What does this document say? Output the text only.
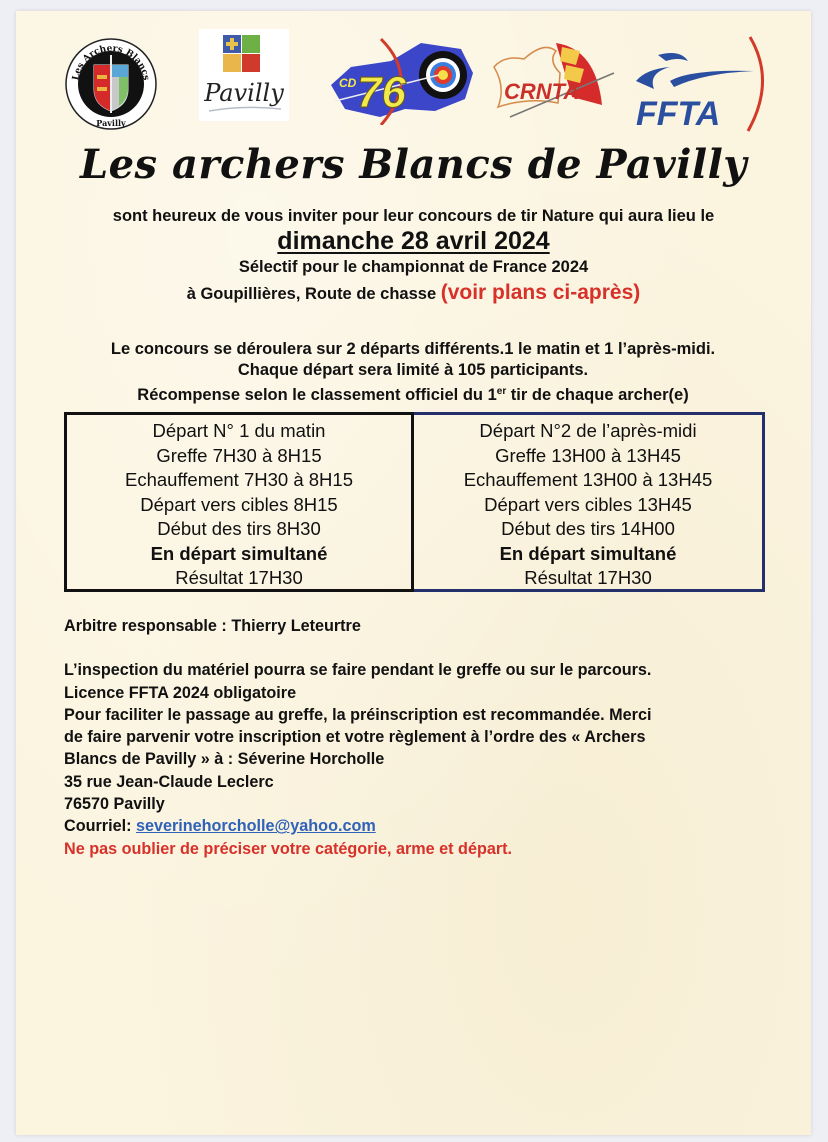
Les Archers Blancs
Pavilly
Pavilly	CD 76	CRNTA
FFTA
Les archers Blancs de Pavilly
sont heureux de vous inviter pour leur concours de tir Nature qui aura lieu le
dimanche 28 avril 2024
Sélectif pour le championnat de France 2024
à Goupillières, Route de chasse (voir plans ci-après)
Le concours se déroulera sur 2 départs différents.1 le matin et 1 l’après-midi. Chaque départ sera limité à 105 participants.
Récompense selon le classement officiel du 1er tir de chaque archer(e)
Départ N° 1 du matin
Greffe 7H30 à 8H15
Echauffement 7H30 à 8H15
Départ vers cibles 8H15
Début des tirs 8H30
En départ simultané
Résultat 17H30
Départ N°2 de l’après-midi
Greffe 13H00 à 13H45
Echauffement 13H00 à 13H45
Départ vers cibles 13H45
Début des tirs 14H00
En départ simultané
Résultat 17H30
Arbitre responsable : Thierry Leteurtre
L’inspection du matériel pourra se faire pendant le greffe ou sur le parcours.
Licence FFTA 2024 obligatoire
Pour faciliter le passage au greffe, la préinscription est recommandée. Merci
de faire parvenir votre inscription et votre règlement à l’ordre des « Archers
Blancs de Pavilly » à : Séverine Horcholle
35 rue Jean-Claude Leclerc
76570 Pavilly
Courriel: severinehorcholle@yahoo.com
Ne pas oublier de préciser votre catégorie, arme et départ.
